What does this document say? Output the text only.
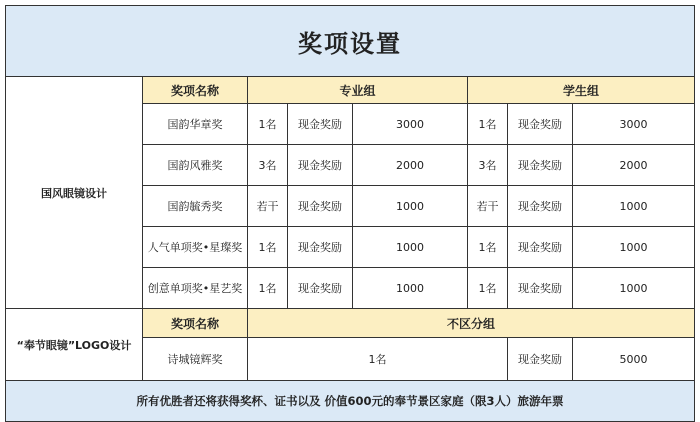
奖项设置							
国风眼镜设计	奖项名称	专业组			学生组		
	国韵华章奖	1名	现金奖励	3000	1名	现金奖励	3000
	国韵风雅奖	3名	现金奖励	2000	3名	现金奖励	2000
	国韵毓秀奖	若干	现金奖励	1000	若干	现金奖励	1000
	人气单项奖•星璨奖	1名	现金奖励	1000	1名	现金奖励	1000
	创意单项奖•星艺奖	1名	现金奖励	1000	1名	现金奖励	1000
“奉节眼镜”LOGO设计	奖项名称	不区分组					
	诗城镜辉奖	1名				现金奖励	5000
所有优胜者还将获得奖杯、证书以及 价值600元的奉节景区家庭（限3人）旅游年票							
